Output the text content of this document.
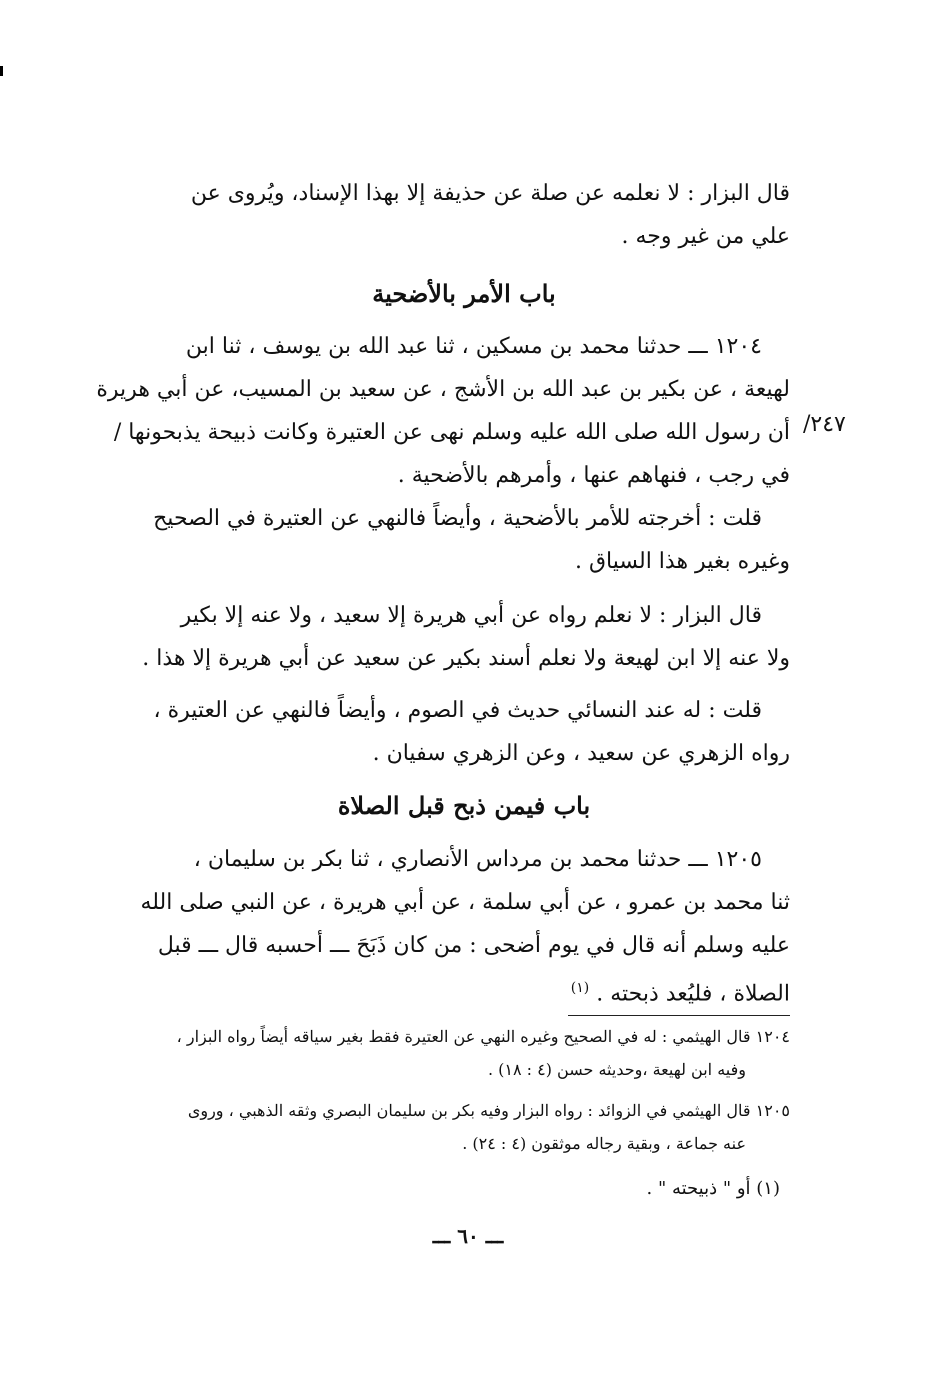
قال البزار : لا نعلمه عن صلة عن حذيفة إلا بهذا الإسناد، ويُروى عن
علي من غير وجه .
باب الأمر بالأضحية
١٢٠٤ ـــ حدثنا محمد بن مسكين ، ثنا عبد الله بن يوسف ، ثنا ابن
لهيعة ، عن بكير بن عبد الله بن الأشج ، عن سعيد بن المسيب، عن أبي هريرة
أن رسول الله صلى الله عليه وسلم نهى عن العتيرة وكانت ذبيحة يذبحونها /
في رجب ، فنهاهم عنها ، وأمرهم بالأضحية .
٢٤٧/
قلت : أخرجته للأمر بالأضحية ، وأيضاً فالنهي عن العتيرة في الصحيح
وغيره بغير هذا السياق .
قال البزار : لا نعلم رواه عن أبي هريرة إلا سعيد ، ولا عنه إلا بكير
ولا عنه إلا ابن لهيعة ولا نعلم أسند بكير عن سعيد عن أبي هريرة إلا هذا .
قلت : له عند النسائي حديث في الصوم ، وأيضاً فالنهي عن العتيرة ،
رواه الزهري عن سعيد ، وعن الزهري سفيان .
باب فيمن ذبح قبل الصلاة
١٢٠٥ ـــ حدثنا محمد بن مرداس الأنصاري ، ثنا بكر بن سليمان ،
ثنا محمد بن عمرو ، عن أبي سلمة ، عن أبي هريرة ، عن النبي صلى الله
عليه وسلم أنه قال في يوم أضحى : من كان ذَبَحَ ـــ أحسبه قال ـــ قبل
الصلاة ، فليُعد ذبحته . $^{(١)}$
١٢٠٤ قال الهيثمي : له في الصحيح وغيره النهي عن العتيرة فقط بغير سياقه أيضاً رواه البزار ،
وفيه ابن لهيعة ،وحديثه حسن (٤ : ١٨) .
١٢٠٥ قال الهيثمي في الزوائد : رواه البزار وفيه بكر بن سليمان البصري وثقه الذهبي ، وروى
عنه جماعة ، وبقية رجاله موثقون (٤ : ٢٤) .
(١) أو " ذبيحته " .
ـــ ٦٠ ـــ
